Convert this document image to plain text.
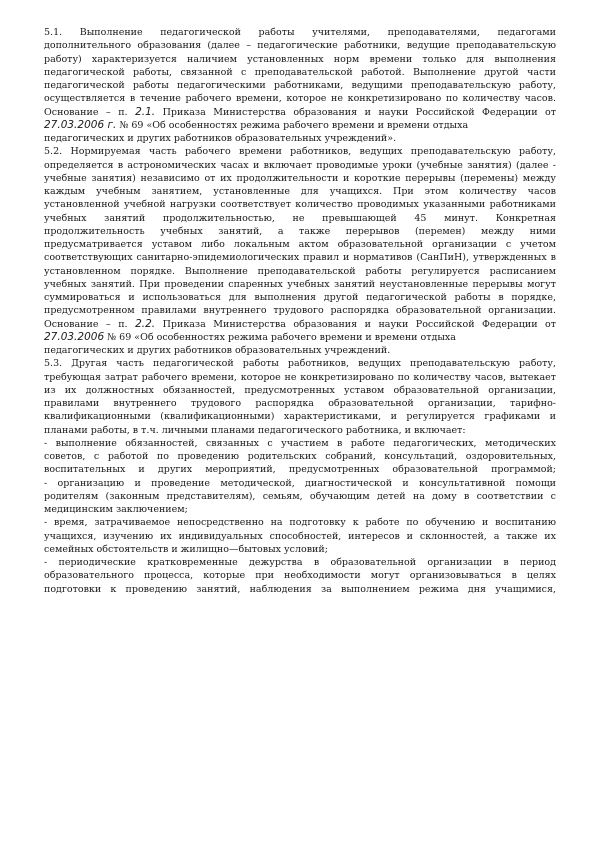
5.1. Выполнение педагогической работы учителями, преподавателями, педагогами
дополнительного образования (далее – педагогические работники, ведущие преподавательскую
работу) характеризуется наличием установленных норм времени только для выполнения
педагогической работы, связанной с преподавательской работой. Выполнение другой части
педагогической работы педагогическими работниками, ведущими преподавательскую работу,
осуществляется в течение рабочего времени, которое не конкретизировано по количеству часов.
Основание – п. 2.1. Приказа Министерства образования и науки Российской Федерации от
27.03.2006 г. № 69 «Об особенностях режима рабочего времени и времени отдыха
педагогических и других работников образовательных учреждений».
5.2. Нормируемая часть рабочего времени работников, ведущих преподавательскую работу,
определяется в астрономических часах и включает проводимые уроки (учебные занятия) (далее -
учебные занятия) независимо от их продолжительности и короткие перерывы (перемены) между
каждым учебным занятием, установленные для учащихся. При этом количеству часов
установленной учебной нагрузки соответствует количество проводимых указанными работниками
учебных занятий продолжительностью, не превышающей 45 минут. Конкретная
продолжительность учебных занятий, а также перерывов (перемен) между ними
предусматривается уставом либо локальным актом образовательной организации с учетом
соответствующих санитарно-эпидемиологических правил и нормативов (СанПиН), утвержденных в
установленном порядке. Выполнение преподавательской работы регулируется расписанием
учебных занятий. При проведении спаренных учебных занятий неустановленные перерывы могут
суммироваться и использоваться для выполнения другой педагогической работы в порядке,
предусмотренном правилами внутреннего трудового распорядка образовательной организации.
Основание – п. 2.2. Приказа Министерства образования и науки Российской Федерации от
27.03.2006 № 69 «Об особенностях режима рабочего времени и времени отдыха
педагогических и других работников образовательных учреждений.
5.3. Другая часть педагогической работы работников, ведущих преподавательскую работу,
требующая затрат рабочего времени, которое не конкретизировано по количеству часов, вытекает
из их должностных обязанностей, предусмотренных уставом образовательной организации,
правилами внутреннего трудового распорядка образовательной организации, тарифно-
квалификационными (квалификационными) характеристиками, и регулируется графиками и
планами работы, в т.ч. личными планами педагогического работника, и включает:
- выполнение обязанностей, связанных с участием в работе педагогических, методических
советов, с работой по проведению родительских собраний, консультаций, оздоровительных,
воспитательных и других мероприятий, предусмотренных образовательной программой;
- организацию и проведение методической, диагностической и консультативной помощи
родителям (законным представителям), семьям, обучающим детей на дому в соответствии с
медицинским заключением;
- время, затрачиваемое непосредственно на подготовку к работе по обучению и воспитанию
учащихся, изучению их индивидуальных способностей, интересов и склонностей, а также их
семейных обстоятельств и жилищно—бытовых условий;
- периодические кратковременные дежурства в образовательной организации в период
образовательного процесса, которые при необходимости могут организовываться в целях
подготовки к проведению занятий, наблюдения за выполнением режима дня учащимися,
